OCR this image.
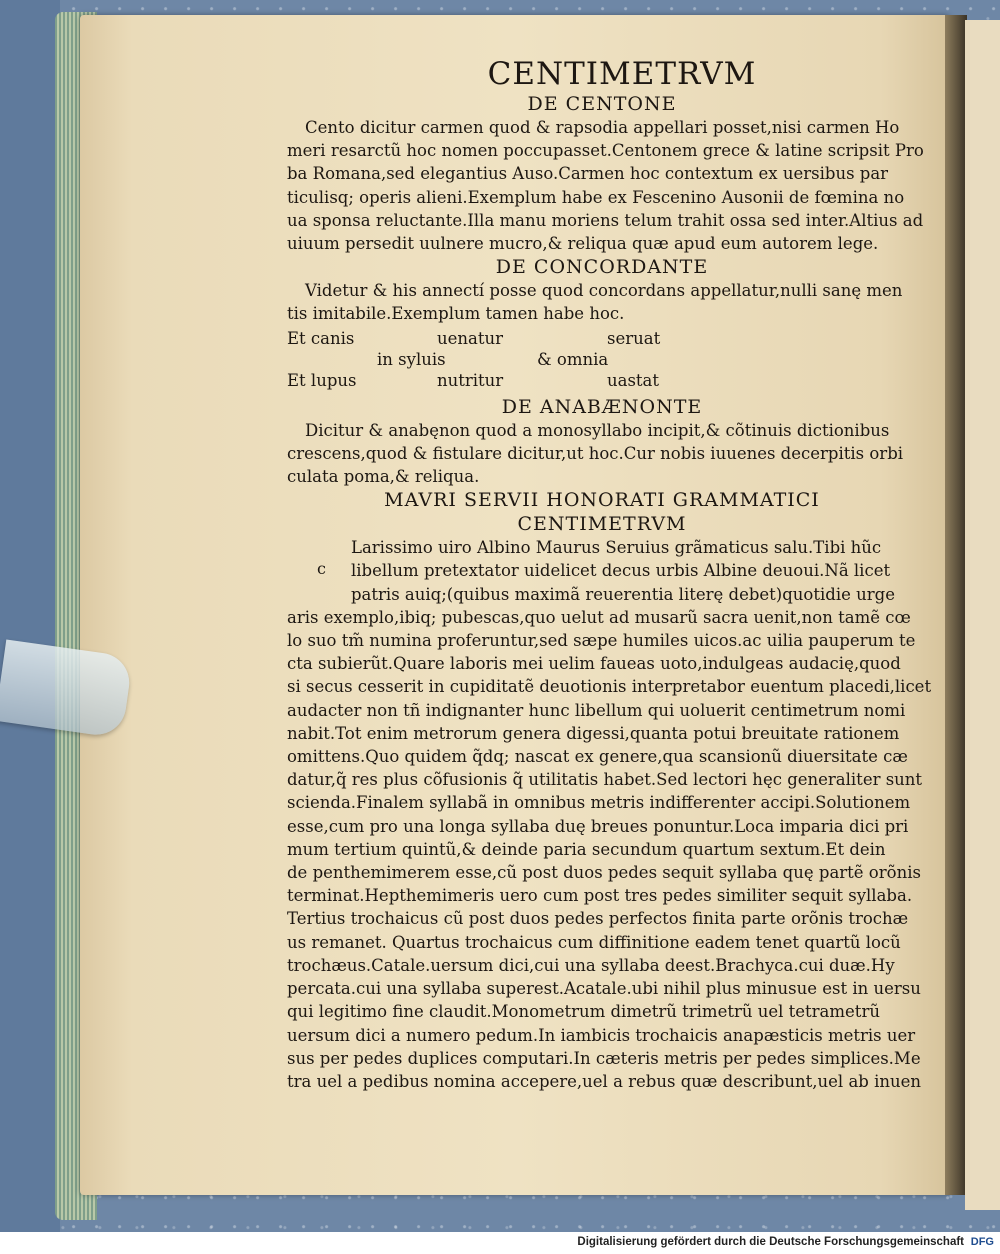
CENTIMETRVM
DE CENTONE
Cento dicitur carmen quod & rapsodia appellari posset,nisi carmen Ho
meri resarctũ hoc nomen poccupasset.Centonem grece & latine scripsit Pro
ba Romana,sed elegantius Auso.Carmen hoc contextum ex uersibus par
ticulisq; operis alieni.Exemplum habe ex Fescenino Ausonii de fœmina no
ua sponsa reluctante.Illa manu moriens telum trahit ossa sed inter.Altius ad
uiuum persedit uulnere mucro,& reliqua quæ apud eum autorem lege.
DE CONCORDANTE
Videtur & his annectí posse quod concordans appellatur,nulli sanę men
tis imitabile.Exemplum tamen habe hoc.
Et canis	uenatur	seruat
in syluis	& omnia
Et lupus	nutritur	uastat
DE ANABÆNONTE
Dicitur & anabęnon quod a monosyllabo incipit,& cõtinuis dictionibus
crescens,quod & fistulare dicitur,ut hoc.Cur nobis iuuenes decerpitis orbi
culata poma,& reliqua.
MAVRI SERVII HONORATI GRAMMATICI
CENTIMETRVM
c
Larissimo uiro Albino Maurus Seruius grãmaticus salu.Tibi hũc
libellum pretextator uidelicet decus urbis Albine deuoui.Nã licet
patris auiq;(quibus maximã reuerentia literę debet)quotidie urge
aris exemplo,ibiq; pubescas,quo uelut ad musarũ sacra uenit,non tamẽ cœ
lo suo tm̃ numina proferuntur,sed sæpe humiles uicos.ac uilia pauperum te
cta subierũt.Quare laboris mei uelim faueas uoto,indulgeas audacię,quod
si secus cesserit in cupiditatẽ deuotionis interpretabor euentum placedi,licet
audacter non tñ indignanter hunc libellum qui uoluerit centimetrum nomi
nabit.Tot enim metrorum genera digessi,quanta potui breuitate rationem
omittens.Quo quidem q̃dq; nascat ex genere,qua scansionũ diuersitate cæ
datur,q̃ res plus cõfusionis q̃ utilitatis habet.Sed lectori hęc generaliter sunt
scienda.Finalem syllabã in omnibus metris indifferenter accipi.Solutionem
esse,cum pro una longa syllaba duę breues ponuntur.Loca imparia dici pri
mum tertium quintũ,& deinde paria secundum quartum sextum.Et dein
de penthemimerem esse,cũ post duos pedes sequit syllaba quę partẽ orõnis
terminat.Hepthemimeris uero cum post tres pedes similiter sequit syllaba.
Tertius trochaicus cũ post duos pedes perfectos finita parte orõnis trochæ
us remanet. Quartus trochaicus cum diffinitione eadem tenet quartũ locũ
trochæus.Catale.uersum dici,cui una syllaba deest.Brachyca.cui duæ.Hy
percata.cui una syllaba superest.Acatale.ubi nihil plus minusue est in uersu
qui legitimo fine claudit.Monometrum dimetrũ trimetrũ uel tetrametrũ
uersum dici a numero pedum.In iambicis trochaicis anapæsticis metris uer
sus per pedes duplices computari.In cæteris metris per pedes simplices.Me
tra uel a pedibus nomina accepere,uel a rebus quæ describunt,uel ab inuen
Digitalisierung gefördert durch die Deutsche Forschungsgemeinschaft DFG
